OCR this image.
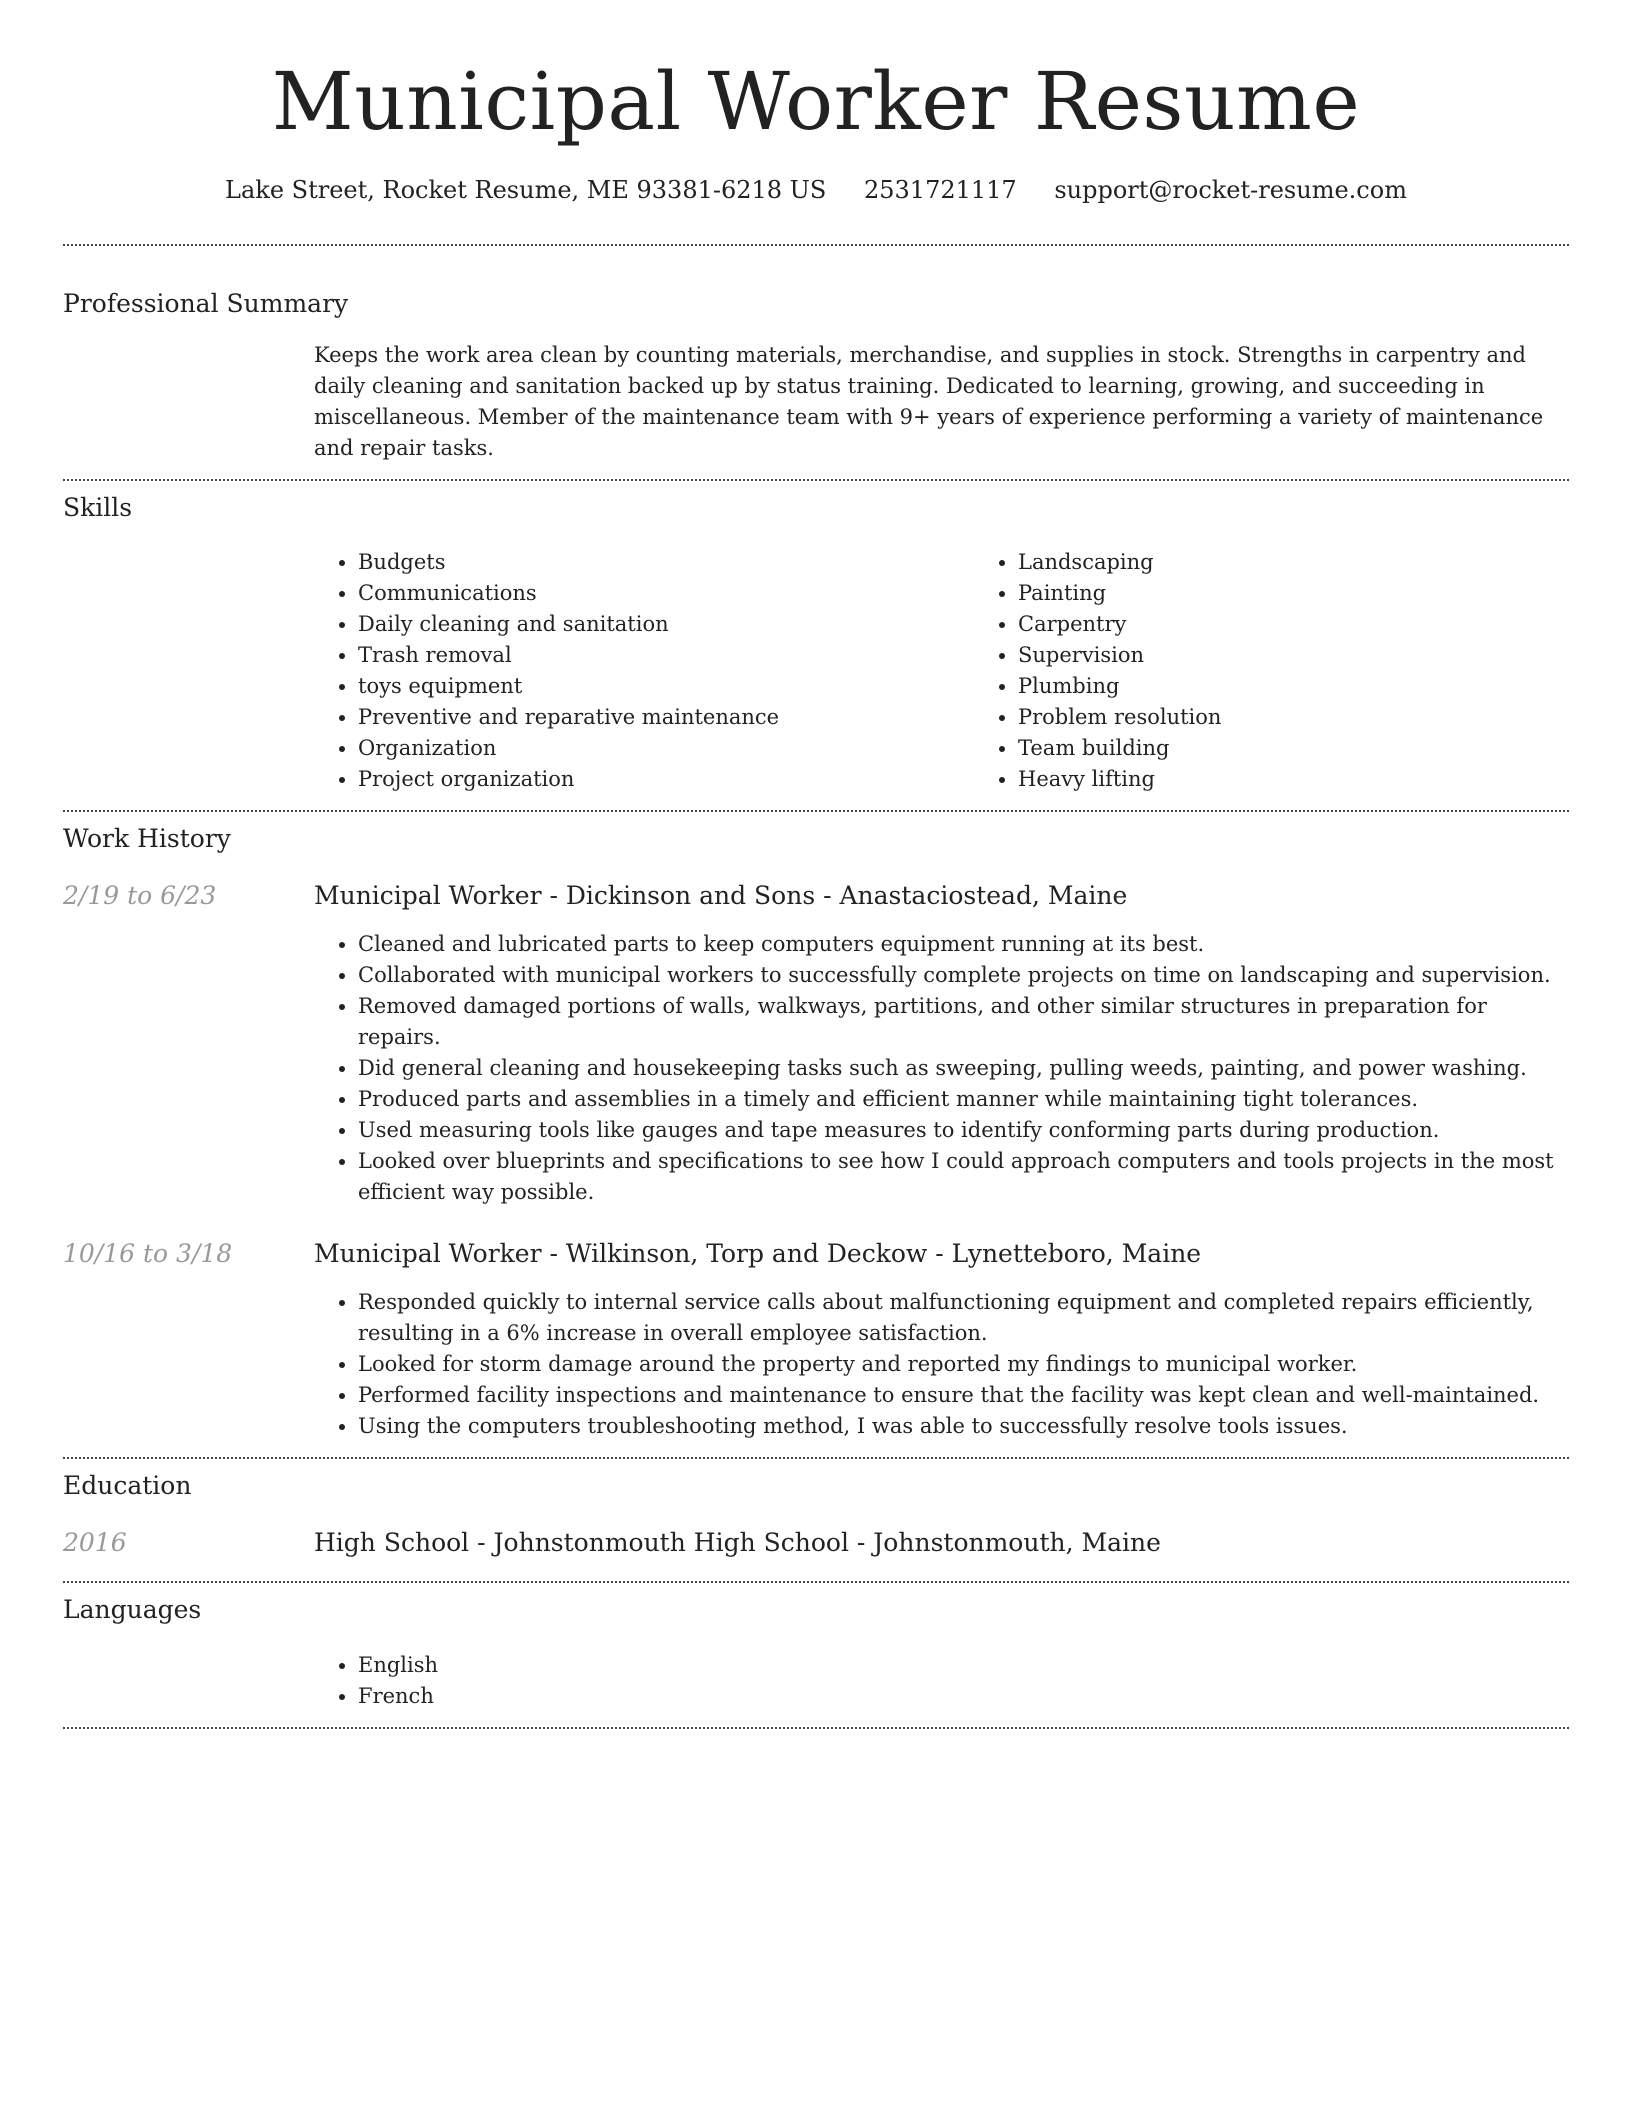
Municipal Worker Resume
Lake Street, Rocket Resume, ME 93381-6218 US 2531721117 support@rocket-resume.com
Professional Summary

Keeps the work area clean by counting materials, merchandise, and supplies in stock. Strengths in carpentry and daily cleaning and sanitation backed up by status training. Dedicated to learning, growing, and succeeding in miscellaneous. Member of the maintenance team with 9+ years of experience performing a variety of maintenance and repair tasks.

Skills
• Budgets
• Communications
• Daily cleaning and sanitation
• Trash removal
• toys equipment
• Preventive and reparative maintenance
• Organization
• Project organization
• Landscaping
• Painting
• Carpentry
• Supervision
• Plumbing
• Problem resolution
• Team building
• Heavy lifting
Work History
2/19 to 6/23	Municipal Worker - Dickinson and Sons - Anastaciostead, Maine
• Cleaned and lubricated parts to keep computers equipment running at its best.
• Collaborated with municipal workers to successfully complete projects on time on landscaping and supervision.
• Removed damaged portions of walls, walkways, partitions, and other similar structures in preparation for repairs.
• Did general cleaning and housekeeping tasks such as sweeping, pulling weeds, painting, and power washing.
• Produced parts and assemblies in a timely and efficient manner while maintaining tight tolerances.
• Used measuring tools like gauges and tape measures to identify conforming parts during production.
• Looked over blueprints and specifications to see how I could approach computers and tools projects in the most efficient way possible.
10/16 to 3/18	Municipal Worker - Wilkinson, Torp and Deckow - Lynetteboro, Maine
• Responded quickly to internal service calls about malfunctioning equipment and completed repairs efficiently, resulting in a 6% increase in overall employee satisfaction.
• Looked for storm damage around the property and reported my findings to municipal worker.
• Performed facility inspections and maintenance to ensure that the facility was kept clean and well-maintained.
• Using the computers troubleshooting method, I was able to successfully resolve tools issues.
Education
2016	High School - Johnstonmouth High School - Johnstonmouth, Maine
Languages
• English
• French
